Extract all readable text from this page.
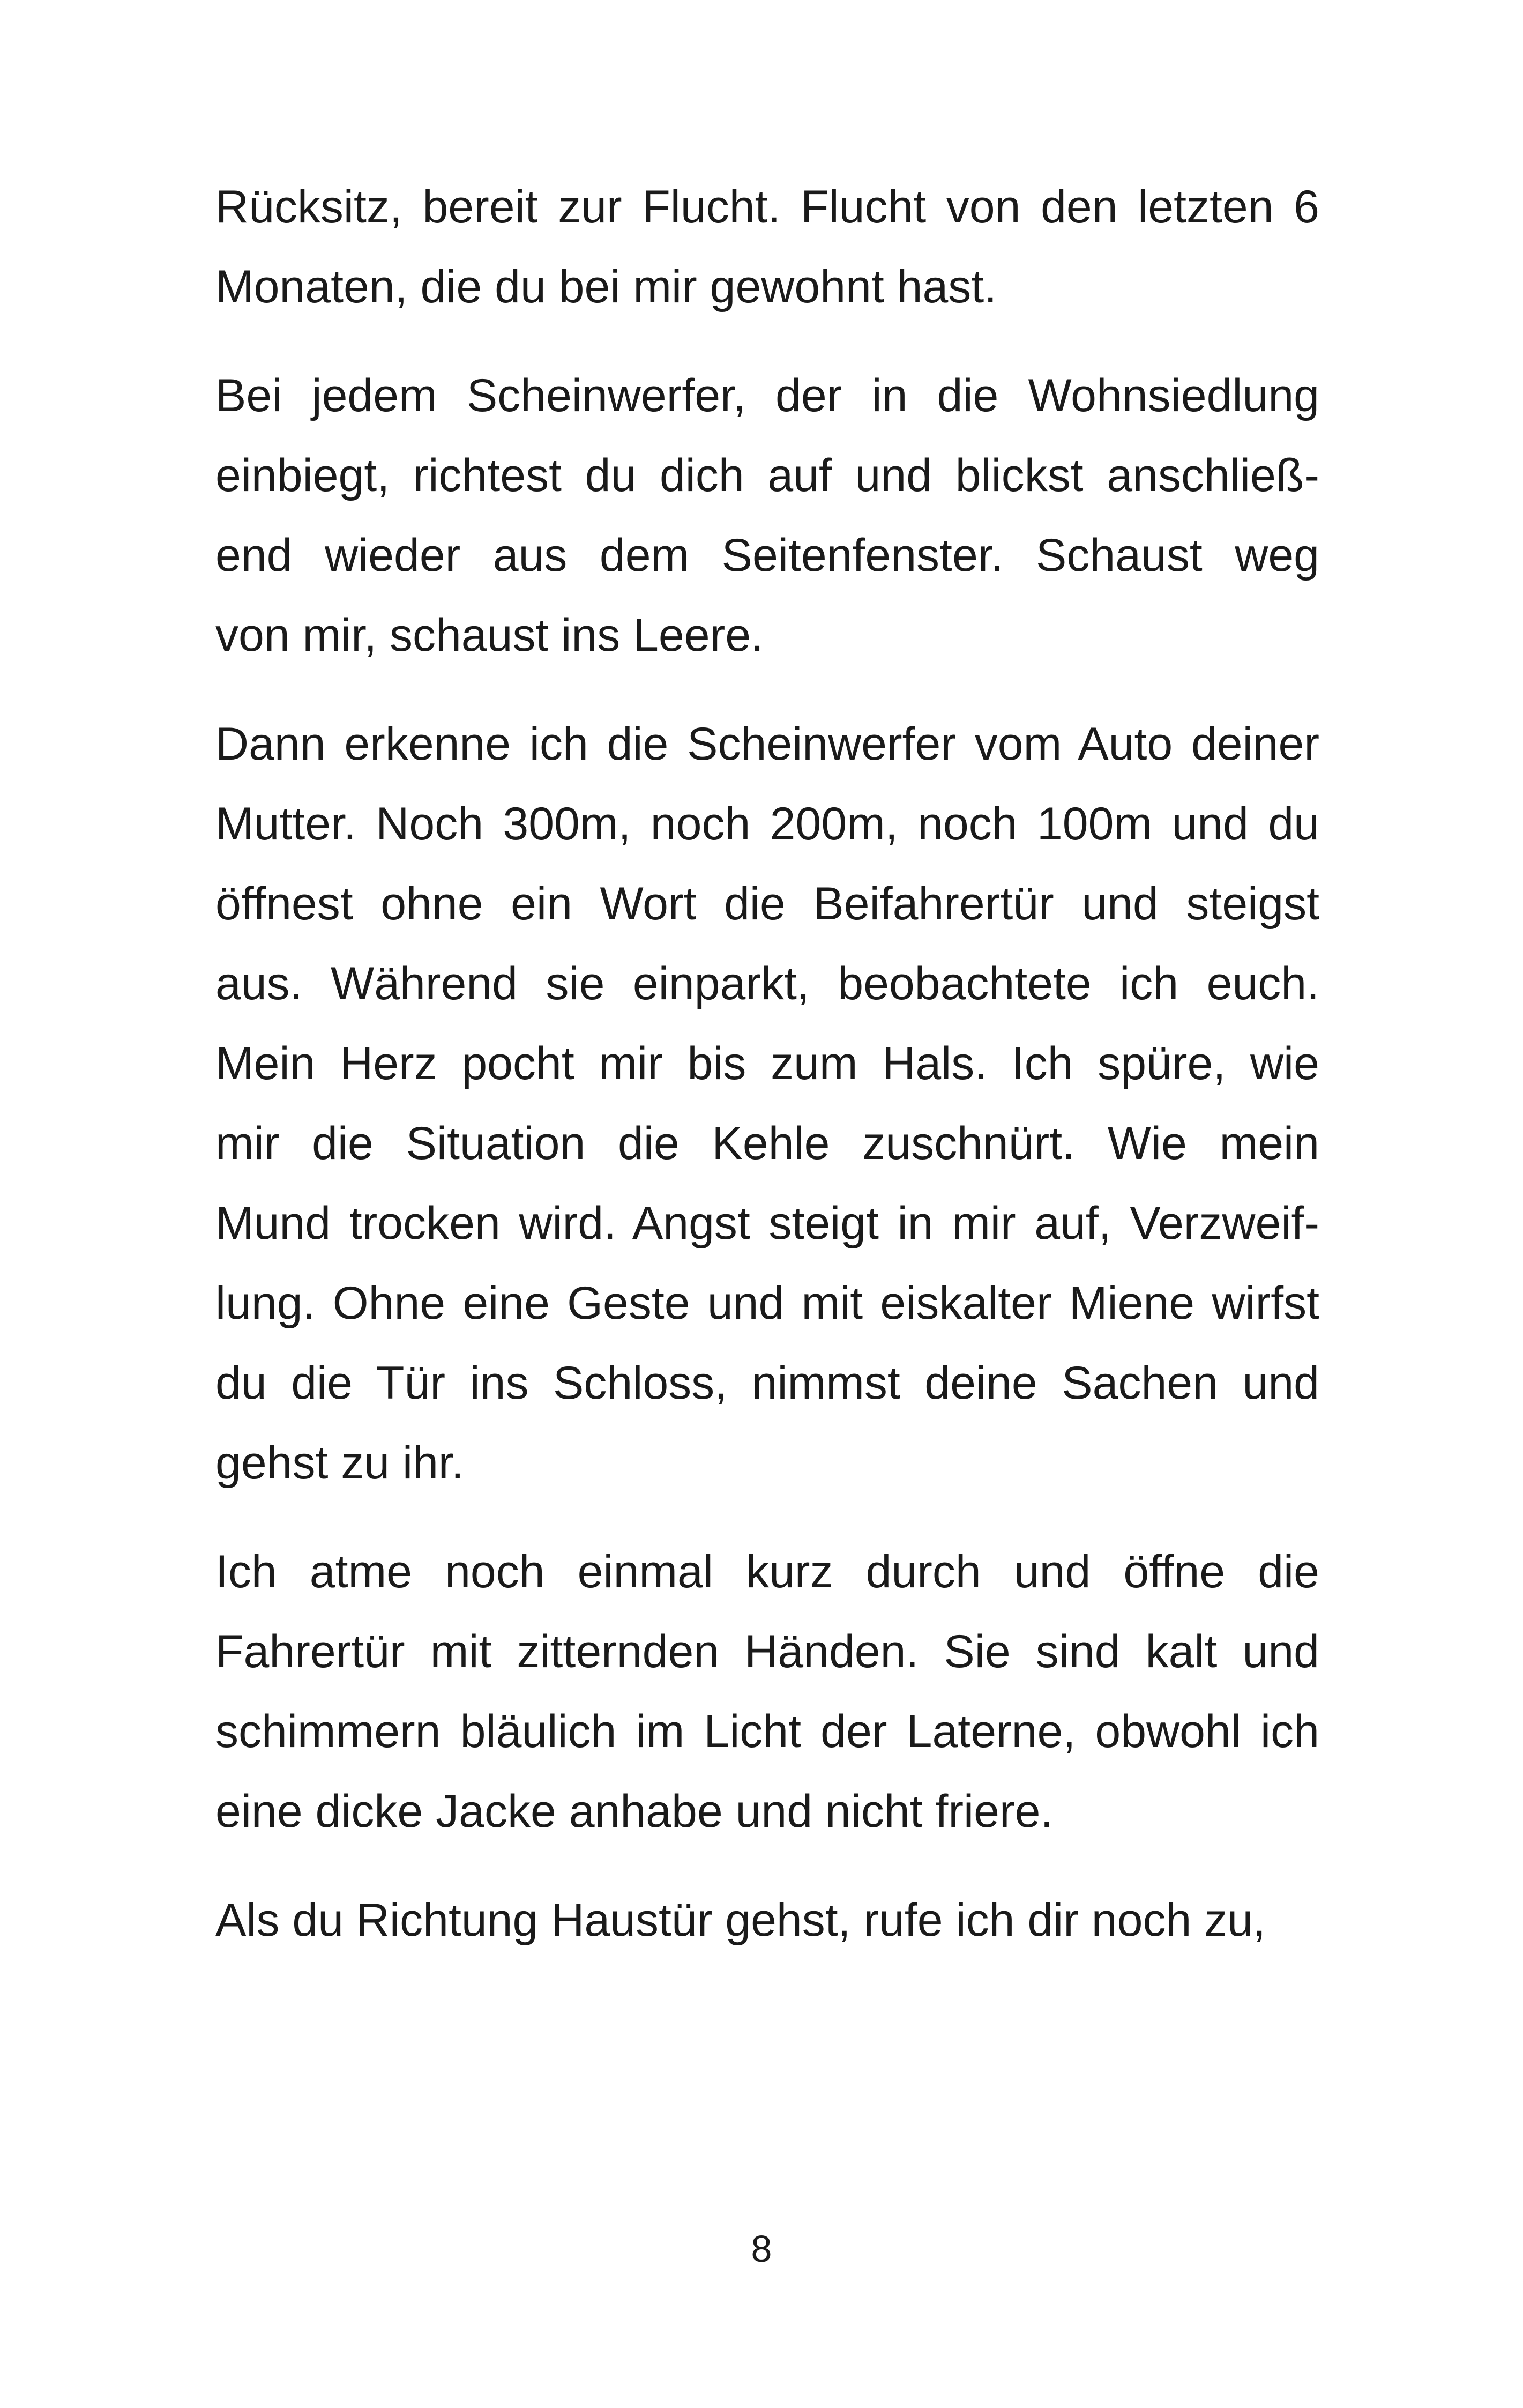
Rücksitz, bereit zur Flucht. Flucht von den letzten 6
Monaten, die du bei mir gewohnt hast.

Bei jedem Scheinwerfer, der in die Wohnsiedlung
einbiegt, richtest du dich auf und blickst anschließ-
end wieder aus dem Seitenfenster. Schaust weg
von mir, schaust ins Leere.

Dann erkenne ich die Scheinwerfer vom Auto deiner
Mutter. Noch 300m, noch 200m, noch 100m und du
öffnest ohne ein Wort die Beifahrertür und steigst
aus. Während sie einparkt, beobachtete ich euch.
Mein Herz pocht mir bis zum Hals. Ich spüre, wie
mir die Situation die Kehle zuschnürt. Wie mein
Mund trocken wird. Angst steigt in mir auf, Verzweif-
lung. Ohne eine Geste und mit eiskalter Miene wirfst
du die Tür ins Schloss, nimmst deine Sachen und
gehst zu ihr.

Ich atme noch einmal kurz durch und öffne die
Fahrertür mit zitternden Händen. Sie sind kalt und
schimmern bläulich im Licht der Laterne, obwohl ich
eine dicke Jacke anhabe und nicht friere.

Als du Richtung Haustür gehst, rufe ich dir noch zu,

8
